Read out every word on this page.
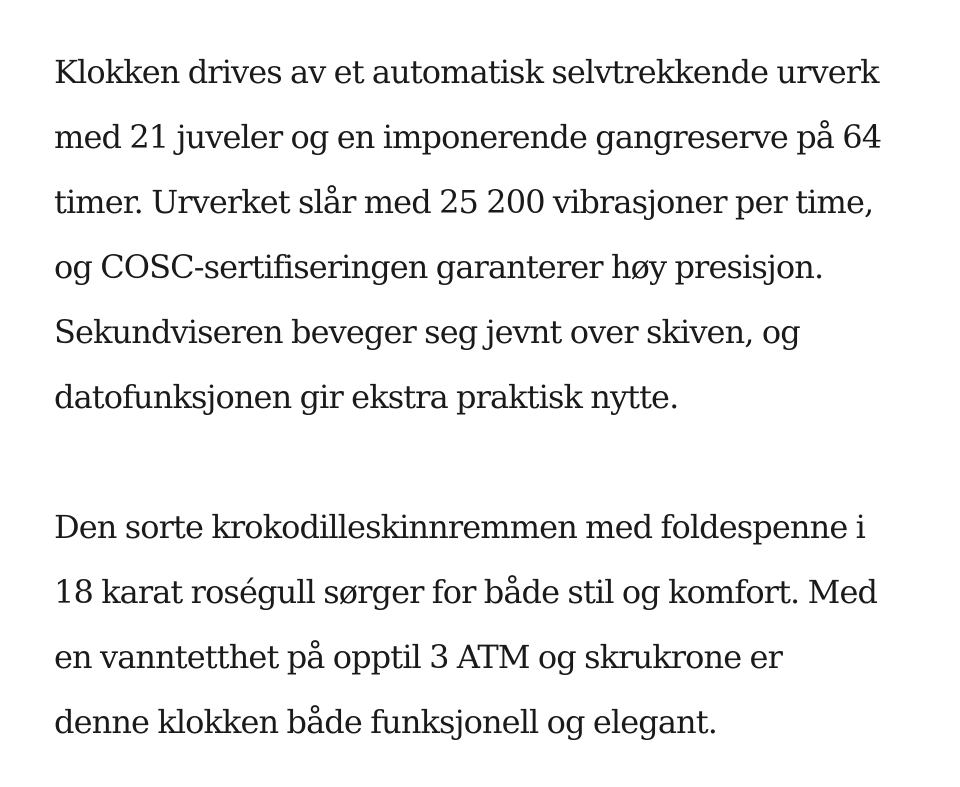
Klokken drives av et automatisk selvtrekkende urverk
med 21 juveler og en imponerende gangreserve på 64
timer. Urverket slår med 25 200 vibrasjoner per time,
og COSC-sertifiseringen garanterer høy presisjon.
Sekundviseren beveger seg jevnt over skiven, og
datofunksjonen gir ekstra praktisk nytte.

Den sorte krokodilleskinnremmen med foldespenne i
18 karat roségull sørger for både stil og komfort. Med
en vanntetthet på opptil 3 ATM og skrukrone er
denne klokken både funksjonell og elegant.
